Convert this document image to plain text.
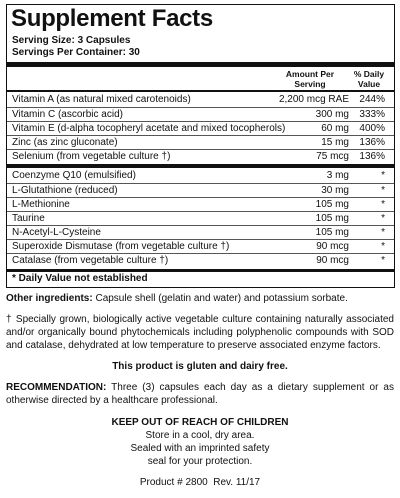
Supplement Facts
Serving Size: 3 Capsules
Servings Per Container: 30
Amount Per
Serving
% Daily
Value
Vitamin A (as natural mixed carotenoids)	2,200 mcg RAE	244%
Vitamin C (ascorbic acid)	300 mg	333%
Vitamin E (d-alpha tocopheryl acetate and mixed tocopherols)	60 mg	400%
Zinc (as zinc gluconate)	15 mg	136%
Selenium (from vegetable culture †)	75 mcg	136%
Coenzyme Q10 (emulsified)	3 mg	*
L-Glutathione (reduced)	30 mg	*
L-Methionine	105 mg	*
Taurine	105 mg	*
N-Acetyl-L-Cysteine	105 mg	*
Superoxide Dismutase (from vegetable culture †)	90 mcg	*
Catalase (from vegetable culture †)	90 mcg	*
* Daily Value not established
Other ingredients: Capsule shell (gelatin and water) and potassium sorbate.
† Specially grown, biologically active vegetable culture containing naturally associated and/or organically bound phytochemicals including polyphenolic compounds with SOD and catalase, dehydrated at low temperature to preserve associated enzyme factors.
This product is gluten and dairy free.
RECOMMENDATION: Three (3) capsules each day as a dietary supplement or as otherwise directed by a healthcare professional.
KEEP OUT OF REACH OF CHILDREN
Store in a cool, dry area.
Sealed with an imprinted safety
seal for your protection.
Product # 2800  Rev. 11/17
